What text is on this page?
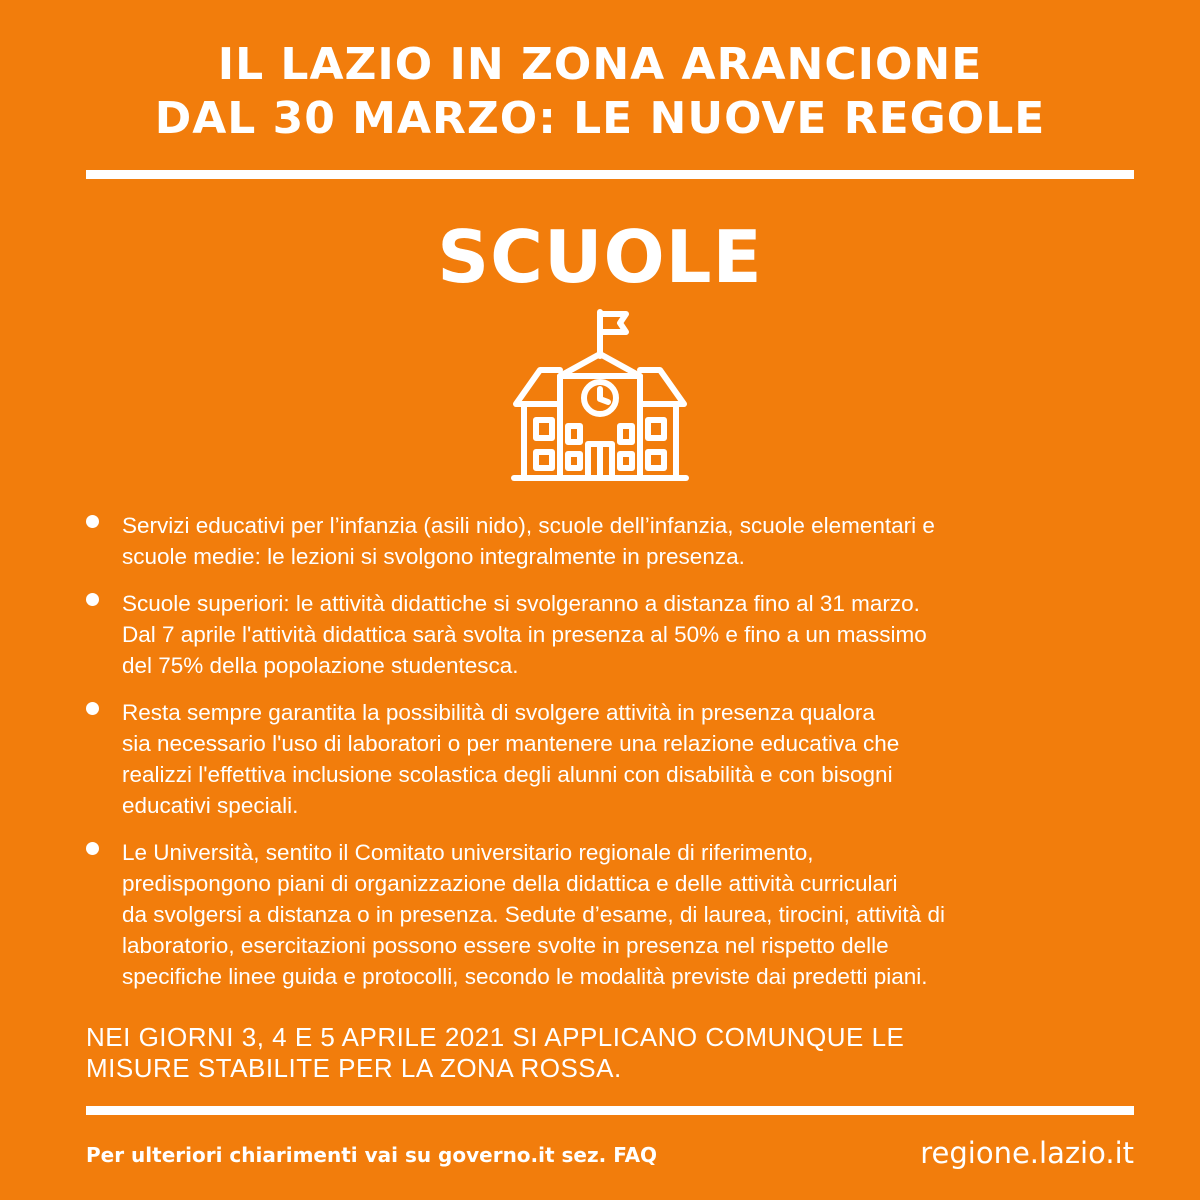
IL LAZIO IN ZONA ARANCIONE
DAL 30 MARZO: LE NUOVE REGOLE
SCUOLE
Servizi educativi per l’infanzia (asili nido), scuole dell’infanzia, scuole elementari e
scuole medie: le lezioni si svolgono integralmente in presenza.
Scuole superiori: le attività didattiche si svolgeranno a distanza fino al 31 marzo.
Dal 7 aprile l'attività didattica sarà svolta in presenza al 50% e fino a un massimo
del 75% della popolazione studentesca.
Resta sempre garantita la possibilità di svolgere attività in presenza qualora
sia necessario l'uso di laboratori o per mantenere una relazione educativa che
realizzi l'effettiva inclusione scolastica degli alunni con disabilità e con bisogni
educativi speciali.
Le Università, sentito il Comitato universitario regionale di riferimento,
predispongono piani di organizzazione della didattica e delle attività curriculari
da svolgersi a distanza o in presenza. Sedute d’esame, di laurea, tirocini, attività di
laboratorio, esercitazioni possono essere svolte in presenza nel rispetto delle
specifiche linee guida e protocolli, secondo le modalità previste dai predetti piani.
NEI GIORNI 3, 4 E 5 APRILE 2021 SI APPLICANO COMUNQUE LE
MISURE STABILITE PER LA ZONA ROSSA.
Per ulteriori chiarimenti vai su governo.it sez. FAQ	regione.lazio.it
